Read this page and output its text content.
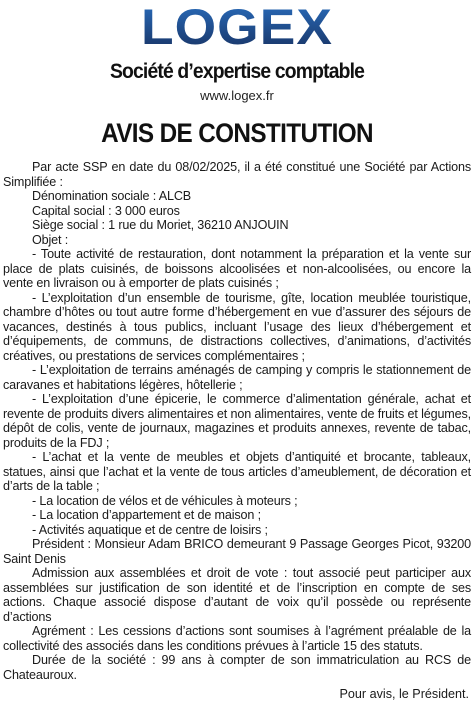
LOGEX
Société d’expertise comptable
www.logex.fr
AVIS DE CONSTITUTION

Par acte SSP en date du 08/02/2025, il a été constitué une Société par Actions Simplifiée :

Dénomination sociale : ALCB

Capital social : 3 000 euros

Siège social : 1 rue du Moriet, 36210 ANJOUIN

Objet :

- Toute activité de restauration, dont notamment la préparation et la vente sur place de plats cuisinés, de boissons alcoolisées et non-alcoolisées, ou encore la vente en livraison ou à emporter de plats cuisinés ;

- L’exploitation d’un ensemble de tourisme, gîte, location meublée touristique, chambre d’hôtes ou tout autre forme d’hébergement en vue d’assurer des séjours de vacances, destinés à tous publics, incluant l’usage des lieux d’hébergement et d’équipements, de communs, de distractions collectives, d’animations, d’activités créatives, ou prestations de services complémentaires ;

- L’exploitation de terrains aménagés de camping y compris le stationnement de caravanes et habitations légères, hôtellerie ;

- L’exploitation d’une épicerie, le commerce d’alimentation générale, achat et revente de produits divers alimentaires et non alimentaires, vente de fruits et légumes, dépôt de colis, vente de journaux, magazines et produits annexes, revente de tabac, produits de la FDJ ;

- L’achat et la vente de meubles et objets d’antiquité et brocante, tableaux, statues, ainsi que l’achat et la vente de tous articles d’ameublement, de décoration et d’arts de la table ;

- La location de vélos et de véhicules à moteurs ;

- La location d’appartement et de maison ;

- Activités aquatique et de centre de loisirs ;

Président : Monsieur Adam BRICO demeurant 9 Passage Georges Picot, 93200 Saint Denis

Admission aux assemblées et droit de vote : tout associé peut participer aux assemblées sur justification de son identité et de l’inscription en compte de ses actions. Chaque associé dispose d’autant de voix qu’il possède ou représente d’actions

Agrément : Les cessions d’actions sont soumises à l’agrément préalable de la collectivité des associés dans les conditions prévues à l’article 15 des statuts.

Durée de la société : 99 ans à compter de son immatriculation au RCS de Chateauroux.

Pour avis, le Président.
